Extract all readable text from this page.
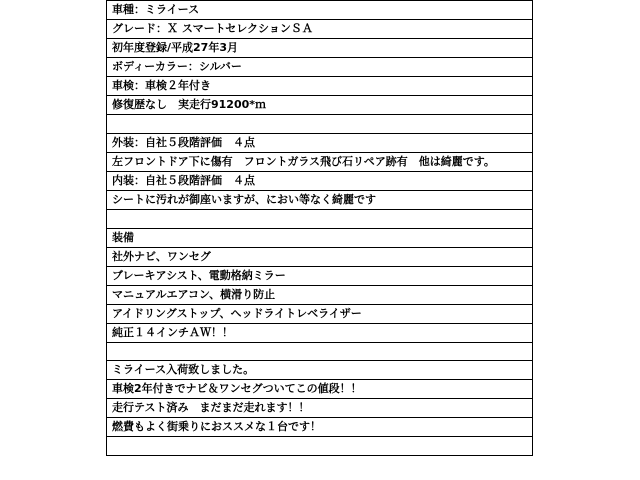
車種：ミライース
グレード：Ｘ スマートセレクションＳＡ
初年度登録/平成27年3月
ボディーカラー：シルバー
車検：車検２年付き
修復歴なし　実走行91200*ｍ

外装：自社５段階評価　４点
左フロントドア下に傷有　フロントガラス飛び石リペア跡有　他は綺麗です。
内装：自社５段階評価　４点
シートに汚れが御座いますが、におい等なく綺麗です

装備
社外ナビ、ワンセグ
ブレーキアシスト、電動格納ミラー
マニュアルエアコン、横滑り防止
アイドリングストップ、ヘッドライトレベライザー
純正１４インチＡＷ！！

ミライース入荷致しました。
車検2年付きでナビ＆ワンセグついてこの値段！！
走行テスト済み　まだまだ走れます！！
燃費もよく街乗りにおススメな１台です！
